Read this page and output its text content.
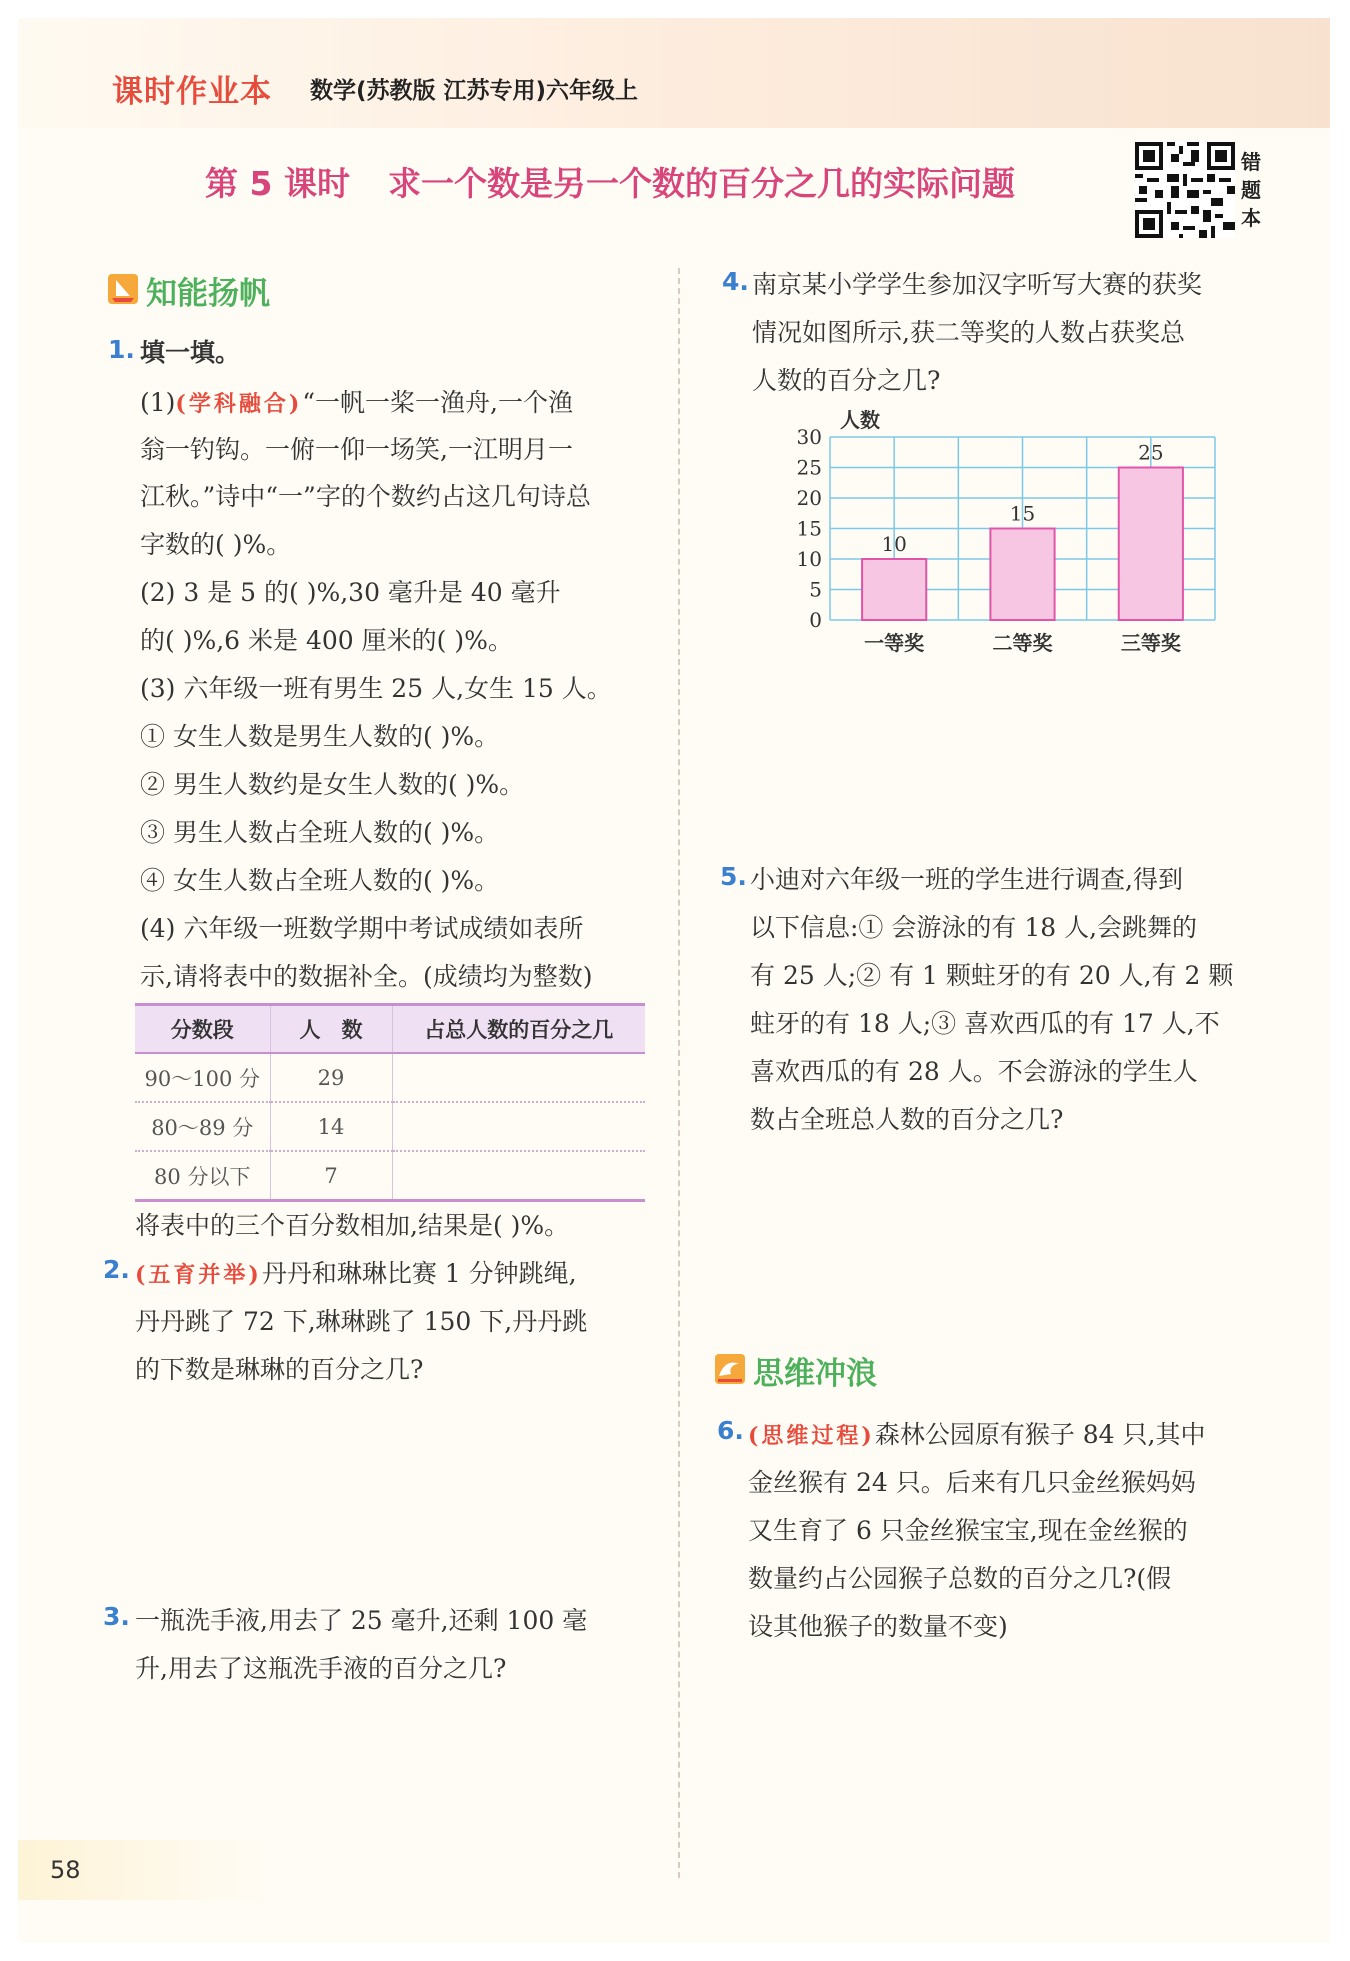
课时作业本 数学(苏教版 江苏专用)六年级上
第 5 课时 求一个数是另一个数的百分之几的实际问题
错
题
本
知能扬帆
1. 填一填。
(1)(学科融合)“一帆一桨一渔舟,一个渔
翁一钓钩。一俯一仰一场笑,一江明月一
江秋。”诗中“一”字的个数约占这几句诗总
字数的( )%。
(2) 3 是 5 的( )%,30 毫升是 40 毫升
的( )%,6 米是 400 厘米的( )%。
(3) 六年级一班有男生 25 人,女生 15 人。
① 女生人数是男生人数的( )%。
② 男生人数约是女生人数的( )%。
③ 男生人数占全班人数的( )%。
④ 女生人数占全班人数的( )%。
(4) 六年级一班数学期中考试成绩如表所
示,请将表中的数据补全。(成绩均为整数)
分数段	人　数	占总人数的百分之几
90～100 分	29	
80～89 分	14	
80 分以下	7	
将表中的三个百分数相加,结果是( )%。
2. (五育并举)丹丹和琳琳比赛 1 分钟跳绳,
丹丹跳了 72 下,琳琳跳了 150 下,丹丹跳
的下数是琳琳的百分之几?
3. 一瓶洗手液,用去了 25 毫升,还剩 100 毫
升,用去了这瓶洗手液的百分之几?
4. 南京某小学学生参加汉字听写大赛的获奖
情况如图所示,获二等奖的人数占获奖总
人数的百分之几?
0
5
10
15
20
25
30
人数
10
一等奖
15
二等奖
25
三等奖
5. 小迪对六年级一班的学生进行调查,得到
以下信息:① 会游泳的有 18 人,会跳舞的
有 25 人;② 有 1 颗蛀牙的有 20 人,有 2 颗
蛀牙的有 18 人;③ 喜欢西瓜的有 17 人,不
喜欢西瓜的有 28 人。不会游泳的学生人
数占全班总人数的百分之几?
思维冲浪
6. (思维过程)森林公园原有猴子 84 只,其中
金丝猴有 24 只。后来有几只金丝猴妈妈
又生育了 6 只金丝猴宝宝,现在金丝猴的
数量约占公园猴子总数的百分之几?(假
设其他猴子的数量不变)
58
